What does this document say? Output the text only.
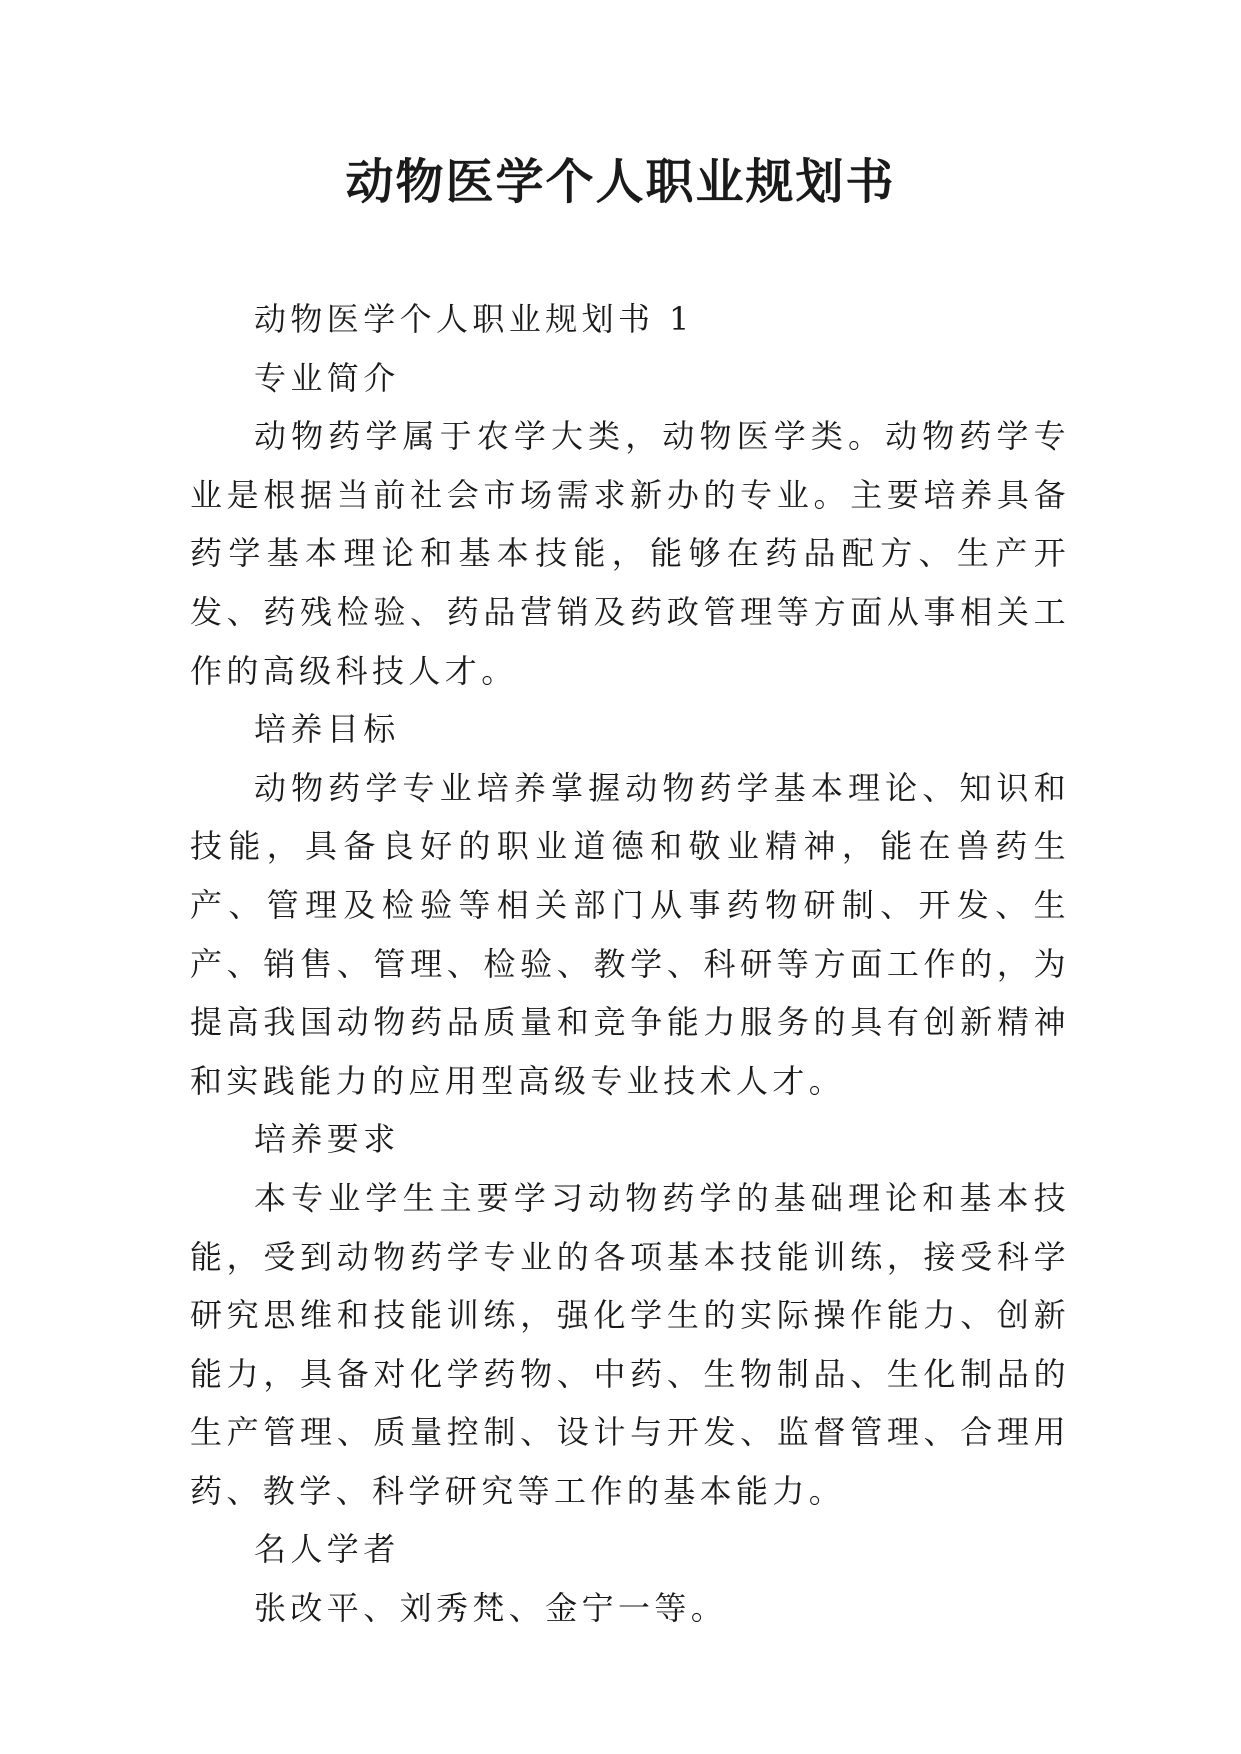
动物医学个人职业规划书

动物医学个人职业规划书 1

专业简介

动物药学属于农学大类，动物医学类。动物药学专业是根据当前社会市场需求新办的专业。主要培养具备药学基本理论和基本技能，能够在药品配方、生产开发、药残检验、药品营销及药政管理等方面从事相关工作的高级科技人才。

培养目标

动物药学专业培养掌握动物药学基本理论、知识和技能，具备良好的职业道德和敬业精神，能在兽药生产、管理及检验等相关部门从事药物研制、开发、生产、销售、管理、检验、教学、科研等方面工作的，为提高我国动物药品质量和竞争能力服务的具有创新精神和实践能力的应用型高级专业技术人才。

培养要求

本专业学生主要学习动物药学的基础理论和基本技能，受到动物药学专业的各项基本技能训练，接受科学研究思维和技能训练，强化学生的实际操作能力、创新能力，具备对化学药物、中药、生物制品、生化制品的生产管理、质量控制、设计与开发、监督管理、合理用药、教学、科学研究等工作的基本能力。

名人学者

张改平、刘秀梵、金宁一等。
